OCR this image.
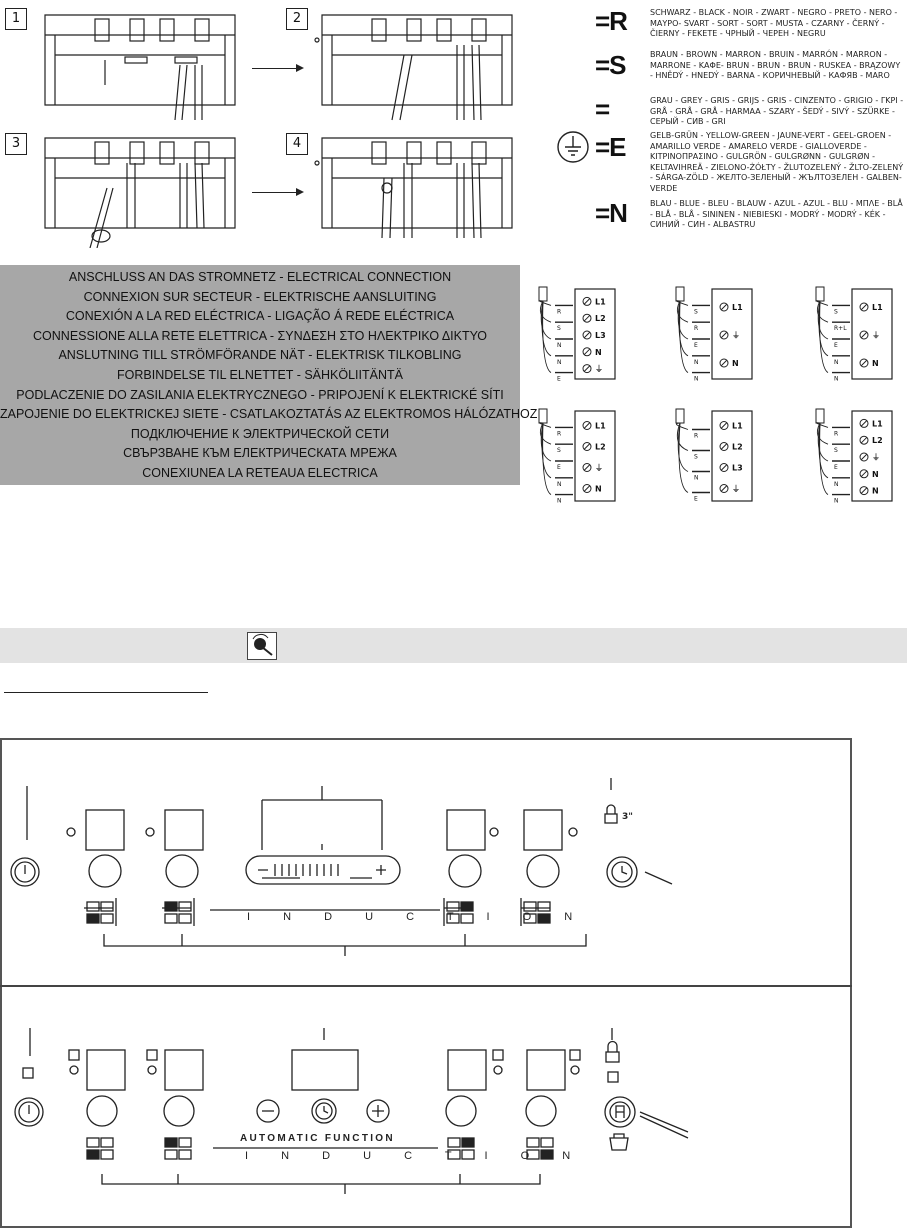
1	2
3	4
=R	SCHWARZ - BLACK - NOIR - ZWART - NEGRO - PRETO - NERO - ΜΑΥΡΟ- SVART - SORT - SORT - MUSTA - CZARNY - ČERNÝ - ČIERNY - FEKETE - ЧРНЫЙ - ЧЕРЕН - NEGRU
=S	BRAUN - BROWN - MARRON - BRUIN - MARRÓN - MARRON - MARRONE - ΚΑΦΕ- BRUN - BRUN - BRUN - RUSKEA - BRĄZOWY - HNĚDÝ - HNEDÝ - BARNA - КОРИЧНЕВЫЙ - КАФЯВ - MARO
=	GRAU - GREY - GRIS - GRIJS - GRIS - CINZENTO - GRIGIO - ΓΚΡΙ - GRÅ - GRÅ - GRÅ - HARMAA - SZARY - ŠEDÝ - SIVÝ - SZÜRKE - СЕРЫЙ - СИВ - GRI
=E	GELB-GRÜN - YELLOW-GREEN - JAUNE-VERT - GEEL-GROEN - AMARILLO VERDE - AMARELO VERDE - GIALLOVERDE - ΚΙΤΡΙΝΟΠΡΑΣΙΝΟ - GULGRÖN - GULGRØNN - GULGRØN - KELTAVIHREÄ - ZIELONO-ŻÓŁTY - ŽLUTOZELENÝ - ŽLTO-ZELENÝ - SÁRGA-ZÖLD - ЖЕЛТО-ЗЕЛЕНЫЙ - ЖЪЛТОЗЕЛЕН - GALBEN-VERDE
=N	BLAU - BLUE - BLEU - BLAUW - AZUL - AZUL - BLU - ΜΠΛΕ - BLÅ - BLÅ - BLÅ - SININEN - NIEBIESKI - MODRÝ - MODRÝ - KÉK - СИНИЙ - СИН - ALBASTRU
ANSCHLUSS AN DAS STROMNETZ - ELECTRICAL CONNECTION
CONNEXION SUR SECTEUR - ELEKTRISCHE AANSLUITING
CONEXIÓN A LA RED ELÉCTRICA - LIGAÇÃO Á REDE ELÉCTRICA
CONNESSIONE ALLA RETE ELETTRICA - ΣΥΝΔΕΣΗ ΣΤΟ ΗΛΕΚΤΡΙΚΟ ΔΙΚΤΥΟ
ANSLUTNING TILL STRÖMFÖRANDE NÄT - ELEKTRISK TILKOBLING
FORBINDELSE TIL ELNETTET - SÄHKÖLIITÄNTÄ
PODLACZENIE DO ZASILANIA ELEKTRYCZNEGO - PRIPOJENÍ K ELEKTRICKÉ SÍTI
ZAPOJENIE DO ELEKTRICKEJ SIETE - CSATLAKOZTATÁS AZ ELEKTROMOS HÁLÓZATHOZ
ПОДКЛЮЧЕНИЕ К ЭЛЕКТРИЧЕСКОЙ СЕТИ
СВЪРЗВАНЕ КЪМ ЕЛЕКТРИЧЕСКАТА МРЕЖА
CONEXIUNEA LA RETEAUA ELECTRICA
L1
L2
L3
N
⏚
R
S
N
N
E
L1
⏚
N
S
R
E
N
N
L1
⏚
N
S
R+L
E
N
N
L1
L2
⏚
N
R
S
E
N
N
L1
L2
L3
⏚
R
S
N
E
L1
L2
⏚
N
N
R
S
E
N
N
I N D U C T I O N
3"
AUTOMATIC FUNCTION
I N D U C T I O N
